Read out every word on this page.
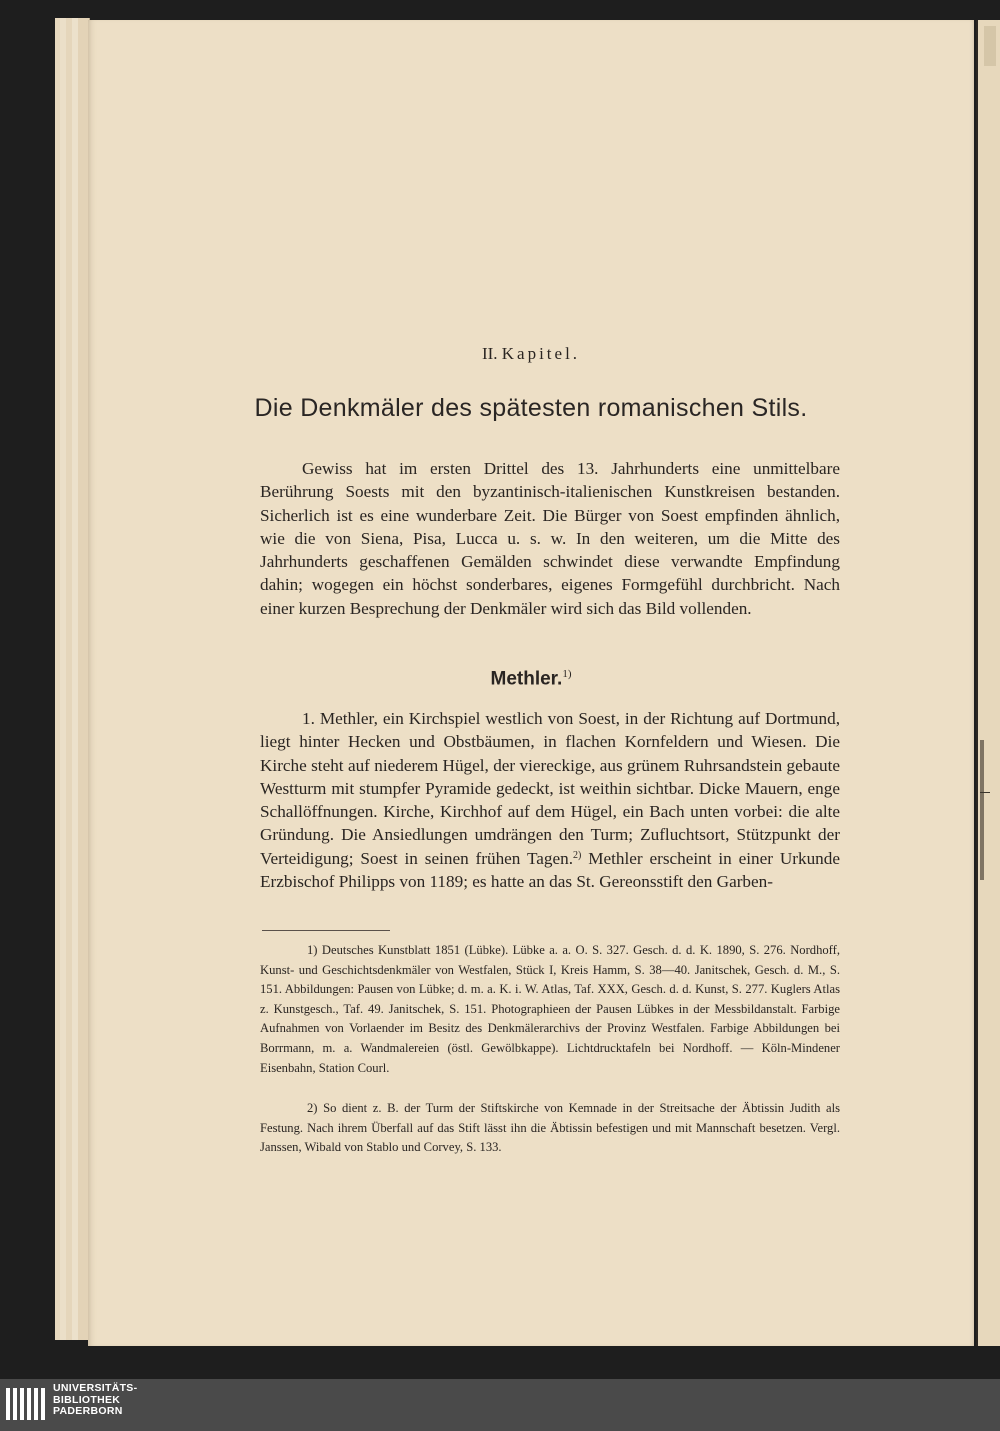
II. Kapitel.
Die Denkmäler des spätesten romanischen Stils.
Gewiss hat im ersten Drittel des 13. Jahrhunderts eine unmittelbare Berührung Soests mit den byzantinisch-italienischen Kunstkreisen bestanden. Sicherlich ist es eine wunderbare Zeit. Die Bürger von Soest empfinden ähnlich, wie die von Siena, Pisa, Lucca u. s. w. In den weiteren, um die Mitte des Jahrhunderts geschaffenen Gemälden schwindet diese verwandte Empfindung dahin; wogegen ein höchst sonderbares, eigenes Formgefühl durchbricht. Nach einer kurzen Besprechung der Denkmäler wird sich das Bild vollenden.
Methler.$^{1)}$
1. Methler, ein Kirchspiel westlich von Soest, in der Richtung auf Dortmund, liegt hinter Hecken und Obstbäumen, in flachen Kornfeldern und Wiesen. Die Kirche steht auf niederem Hügel, der viereckige, aus grünem Ruhrsandstein gebaute Westturm mit stumpfer Pyramide gedeckt, ist weithin sichtbar. Dicke Mauern, enge Schallöffnungen. Kirche, Kirchhof auf dem Hügel, ein Bach unten vorbei: die alte Gründung. Die Ansiedlungen umdrängen den Turm; Zufluchtsort, Stützpunkt der Verteidigung; Soest in seinen frühen Tagen.$^{2)}$ Methler erscheint in einer Urkunde Erzbischof Philipps von 1189; es hatte an das St. Gereonsstift den Garben-
1) Deutsches Kunstblatt 1851 (Lübke). Lübke a. a. O. S. 327. Gesch. d. d. K. 1890, S. 276. Nordhoff, Kunst- und Geschichtsdenkmäler von Westfalen, Stück I, Kreis Hamm, S. 38—40. Janitschek, Gesch. d. M., S. 151. Abbildungen: Pausen von Lübke; d. m. a. K. i. W. Atlas, Taf. XXX, Gesch. d. d. Kunst, S. 277. Kuglers Atlas z. Kunstgesch., Taf. 49. Janitschek, S. 151. Photographieen der Pausen Lübkes in der Messbildanstalt. Farbige Aufnahmen von Vorlaender im Besitz des Denkmälerarchivs der Provinz Westfalen. Farbige Abbildungen bei Borrmann, m. a. Wandmalereien (östl. Gewölbkappe). Lichtdrucktafeln bei Nordhoff. — Köln-Mindener Eisenbahn, Station Courl.
2) So dient z. B. der Turm der Stiftskirche von Kemnade in der Streitsache der Äbtissin Judith als Festung. Nach ihrem Überfall auf das Stift lässt ihn die Äbtissin befestigen und mit Mannschaft besetzen. Vergl. Janssen, Wibald von Stablo und Corvey, S. 133.
UNIVERSITÄTS-
BIBLIOTHEK
PADERBORN
